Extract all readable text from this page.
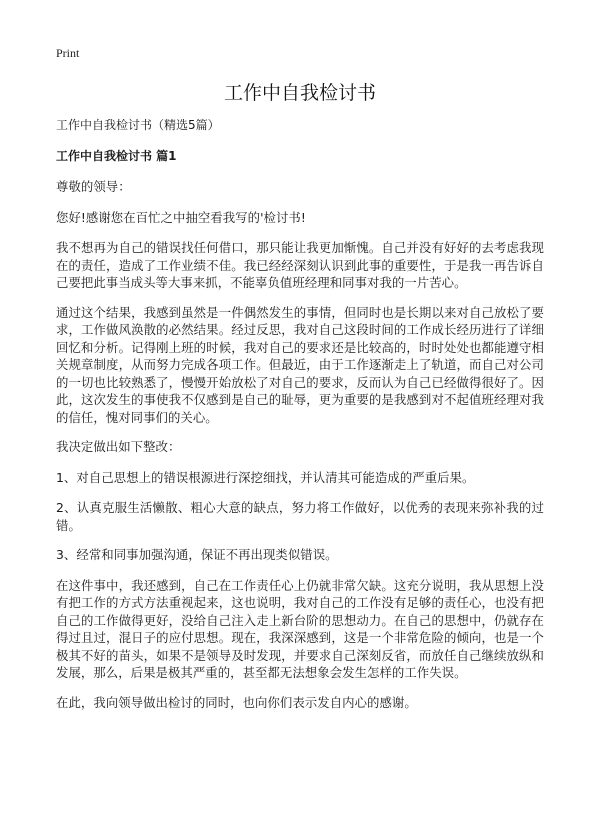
Print
工作中自我检讨书
工作中自我检讨书（精选5篇）
工作中自我检讨书 篇1

尊敬的领导：

您好!感谢您在百忙之中抽空看我写的'检讨书!

我不想再为自己的错误找任何借口，那只能让我更加惭愧。自己并没有好好的去考虑我现在的责任，造成了工作业绩不佳。我已经经深刻认识到此事的重要性，于是我一再告诉自己要把此事当成头等大事来抓，不能辜负值班经理和同事对我的一片苦心。

通过这个结果，我感到虽然是一件偶然发生的事情，但同时也是长期以来对自己放松了要求，工作做风涣散的必然结果。经过反思，我对自己这段时间的工作成长经历进行了详细回忆和分析。记得刚上班的时候，我对自己的要求还是比较高的，时时处处也都能遵守相关规章制度，从而努力完成各项工作。但最近，由于工作逐渐走上了轨道，而自己对公司的一切也比较熟悉了，慢慢开始放松了对自己的要求，反而认为自己已经做得很好了。因此，这次发生的事使我不仅感到是自己的耻辱，更为重要的是我感到对不起值班经理对我的信任，愧对同事们的关心。

我决定做出如下整改：

1、对自己思想上的错误根源进行深挖细找，并认清其可能造成的严重后果。

2、认真克服生活懒散、粗心大意的缺点，努力将工作做好，以优秀的表现来弥补我的过错。

3、经常和同事加强沟通，保证不再出现类似错误。

在这件事中，我还感到，自己在工作责任心上仍就非常欠缺。这充分说明，我从思想上没有把工作的方式方法重视起来，这也说明，我对自己的工作没有足够的责任心，也没有把自己的工作做得更好，没给自己注入走上新台阶的思想动力。在自己的思想中，仍就存在得过且过，混日子的应付思想。现在，我深深感到，这是一个非常危险的倾向，也是一个极其不好的苗头，如果不是领导及时发现，并要求自己深刻反省，而放任自己继续放纵和发展，那么，后果是极其严重的，甚至都无法想象会发生怎样的工作失误。

在此，我向领导做出检讨的同时，也向你们表示发自内心的感谢。
